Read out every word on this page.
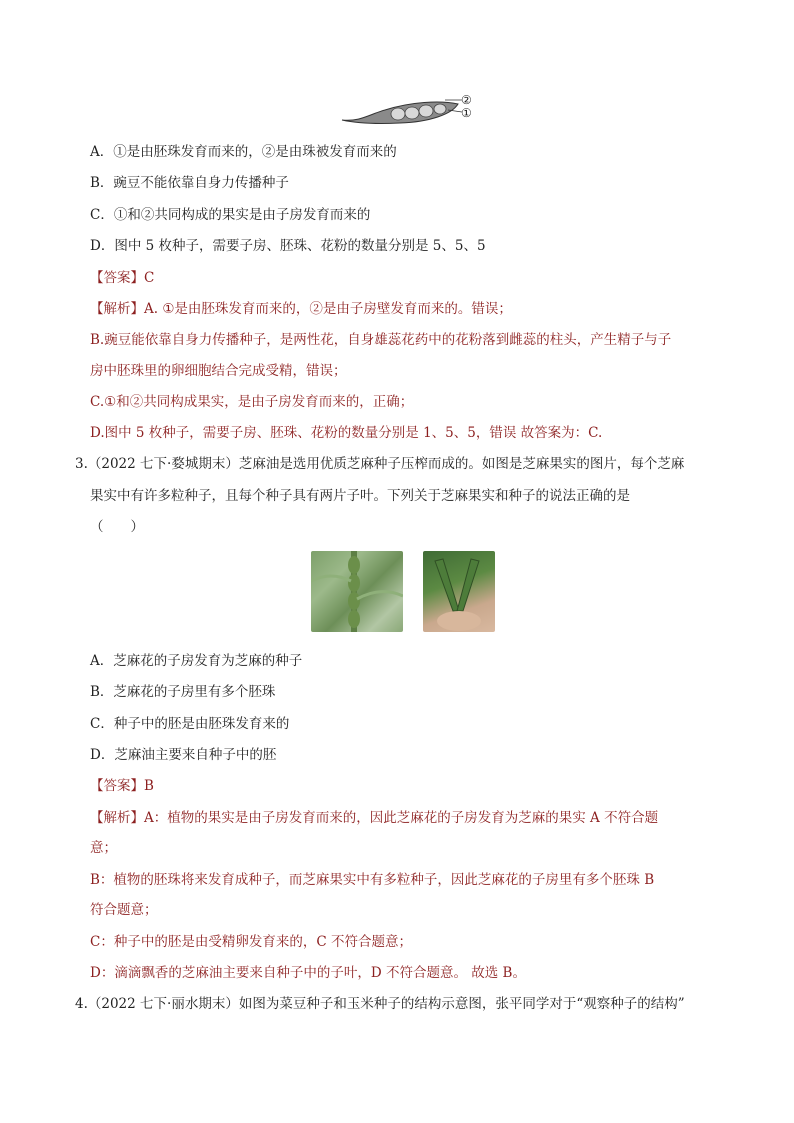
②
①
A．①是由胚珠发育而来的，②是由珠被发育而来的
B．豌豆不能依靠自身力传播种子
C．①和②共同构成的果实是由子房发育而来的
D．图中 5 枚种子，需要子房、胚珠、花粉的数量分别是 5、5、5
【答案】C
【解析】A. ①是由胚珠发育而来的，②是由子房壁发育而来的。错误；
B.豌豆能依靠自身力传播种子，是两性花，自身雄蕊花药中的花粉落到雌蕊的柱头，产生精子与子
房中胚珠里的卵细胞结合完成受精，错误；
C.①和②共同构成果实，是由子房发育而来的，正确；
D.图中 5 枚种子，需要子房、胚珠、花粉的数量分别是 1、5、5，错误 故答案为：C.
3.（2022 七下·婺城期末）芝麻油是选用优质芝麻种子压榨而成的。如图是芝麻果实的图片，每个芝麻
果实中有许多粒种子，且每个种子具有两片子叶。下列关于芝麻果实和种子的说法正确的是
（　　）
A．芝麻花的子房发育为芝麻的种子
B．芝麻花的子房里有多个胚珠
C．种子中的胚是由胚珠发育来的
D．芝麻油主要来自种子中的胚
【答案】B
【解析】A：植物的果实是由子房发育而来的，因此芝麻花的子房发育为芝麻的果实 A 不符合题
意；
B：植物的胚珠将来发育成种子，而芝麻果实中有多粒种子，因此芝麻花的子房里有多个胚珠 B
符合题意；
C：种子中的胚是由受精卵发育来的，C 不符合题意；
D：滴滴飘香的芝麻油主要来自种子中的子叶，D 不符合题意。 故选 B。
4.（2022 七下·丽水期末）如图为菜豆种子和玉米种子的结构示意图，张平同学对于“观察种子的结构”
